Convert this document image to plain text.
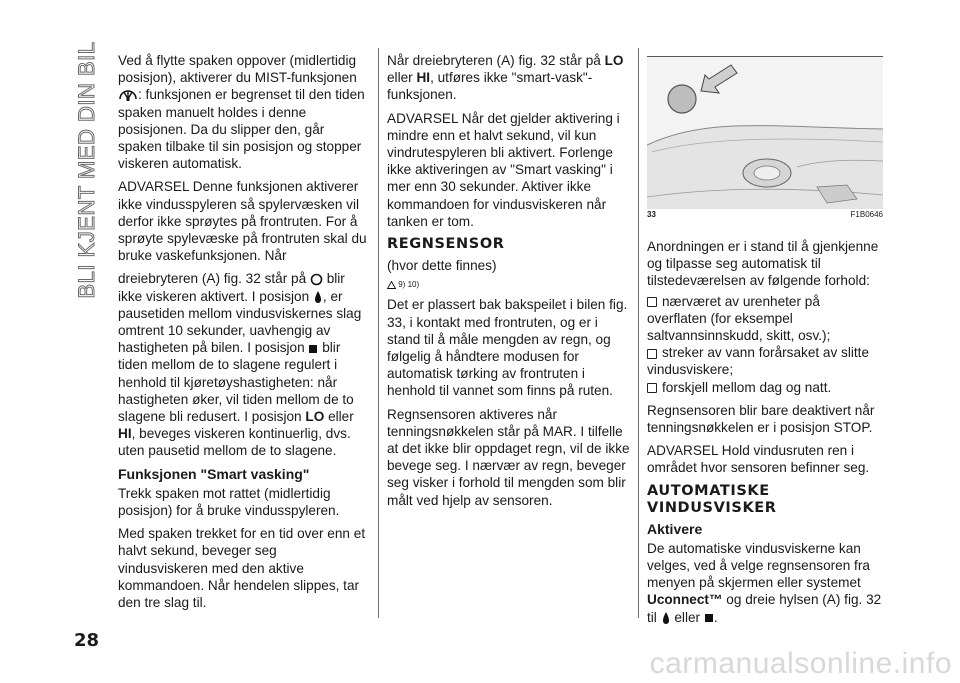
BLI KJENT MED DIN BIL Ved å flytte spaken oppover (midlertidig posisjon), aktiverer du MIST-funksjonen : funksjonen er begrenset til den tiden spaken manuelt holdes i denne posisjonen. Da du slipper den, går spaken tilbake til sin posisjon og stopper viskeren automatisk.

ADVARSEL Denne funksjonen aktiverer ikke vindusspyleren så spylervæsken vil derfor ikke sprøytes på frontruten. For å sprøyte spylevæske på frontruten skal du bruke vaskefunksjonen. Når

dreiebryteren (A) fig. 32 står på  blir ikke viskeren aktivert. I posisjon , er pausetiden mellom vindusviskernes slag omtrent 10 sekunder, uavhengig av hastigheten på bilen. I posisjon  blir tiden mellom de to slagene regulert i henhold til kjøretøyshastigheten: når hastigheten øker, vil tiden mellom de to slagene bli redusert. I posisjon LO eller HI, beveges viskeren kontinuerlig, dvs. uten pausetid mellom de to slagene.

Funksjonen "Smart vasking"

Trekk spaken mot rattet (midlertidig posisjon) for å bruke vindusspyleren.

Med spaken trekket for en tid over enn et halvt sekund, beveger seg vindusviskeren med den aktive kommandoen. Når hendelen slippes, tar den tre slag til.

Når dreiebryteren (A) fig. 32 står på LO eller HI, utføres ikke "smart-vask"-funksjonen.

ADVARSEL Når det gjelder aktivering i mindre enn et halvt sekund, vil kun vindrutespyleren bli aktivert. Forlenge ikke aktiveringen av "Smart vasking" i mer enn 30 sekunder. Aktiver ikke kommandoen for vindusviskeren når tanken er tom.

REGNSENSOR

(hvor dette finnes)

9) 10)

Det er plassert bak bakspeilet i bilen fig. 33, i kontakt med frontruten, og er i stand til å måle mengden av regn, og følgelig å håndtere modusen for automatisk tørking av frontruten i henhold til vannet som finns på ruten.

Regnsensoren aktiveres når tenningsnøkkelen står på MAR. I tilfelle at det ikke blir oppdaget regn, vil de ikke bevege seg. I nærvær av regn, beveger seg visker i forhold til mengden som blir målt ved hjelp av sensoren.

33	F1B0646

Anordningen er i stand til å gjenkjenne og tilpasse seg automatisk til tilstedeværelsen av følgende forhold:

nærværet av urenheter på overflaten (for eksempel saltvannsinnskudd, skitt, osv.);
streker av vann forårsaket av slitte vindusviskere;
forskjell mellom dag og natt.

Regnsensoren blir bare deaktivert når tenningsnøkkelen er i posisjon STOP.

ADVARSEL Hold vindusruten ren i området hvor sensoren befinner seg.

AUTOMATISKE
VINDUSVISKER
Aktivere

De automatiske vindusviskerne kan velges, ved å velge regnsensoren fra menyen på skjermen eller systemet Uconnect™ og dreie hylsen (A) fig. 32 til  eller .

28
carmanualsonline.info
